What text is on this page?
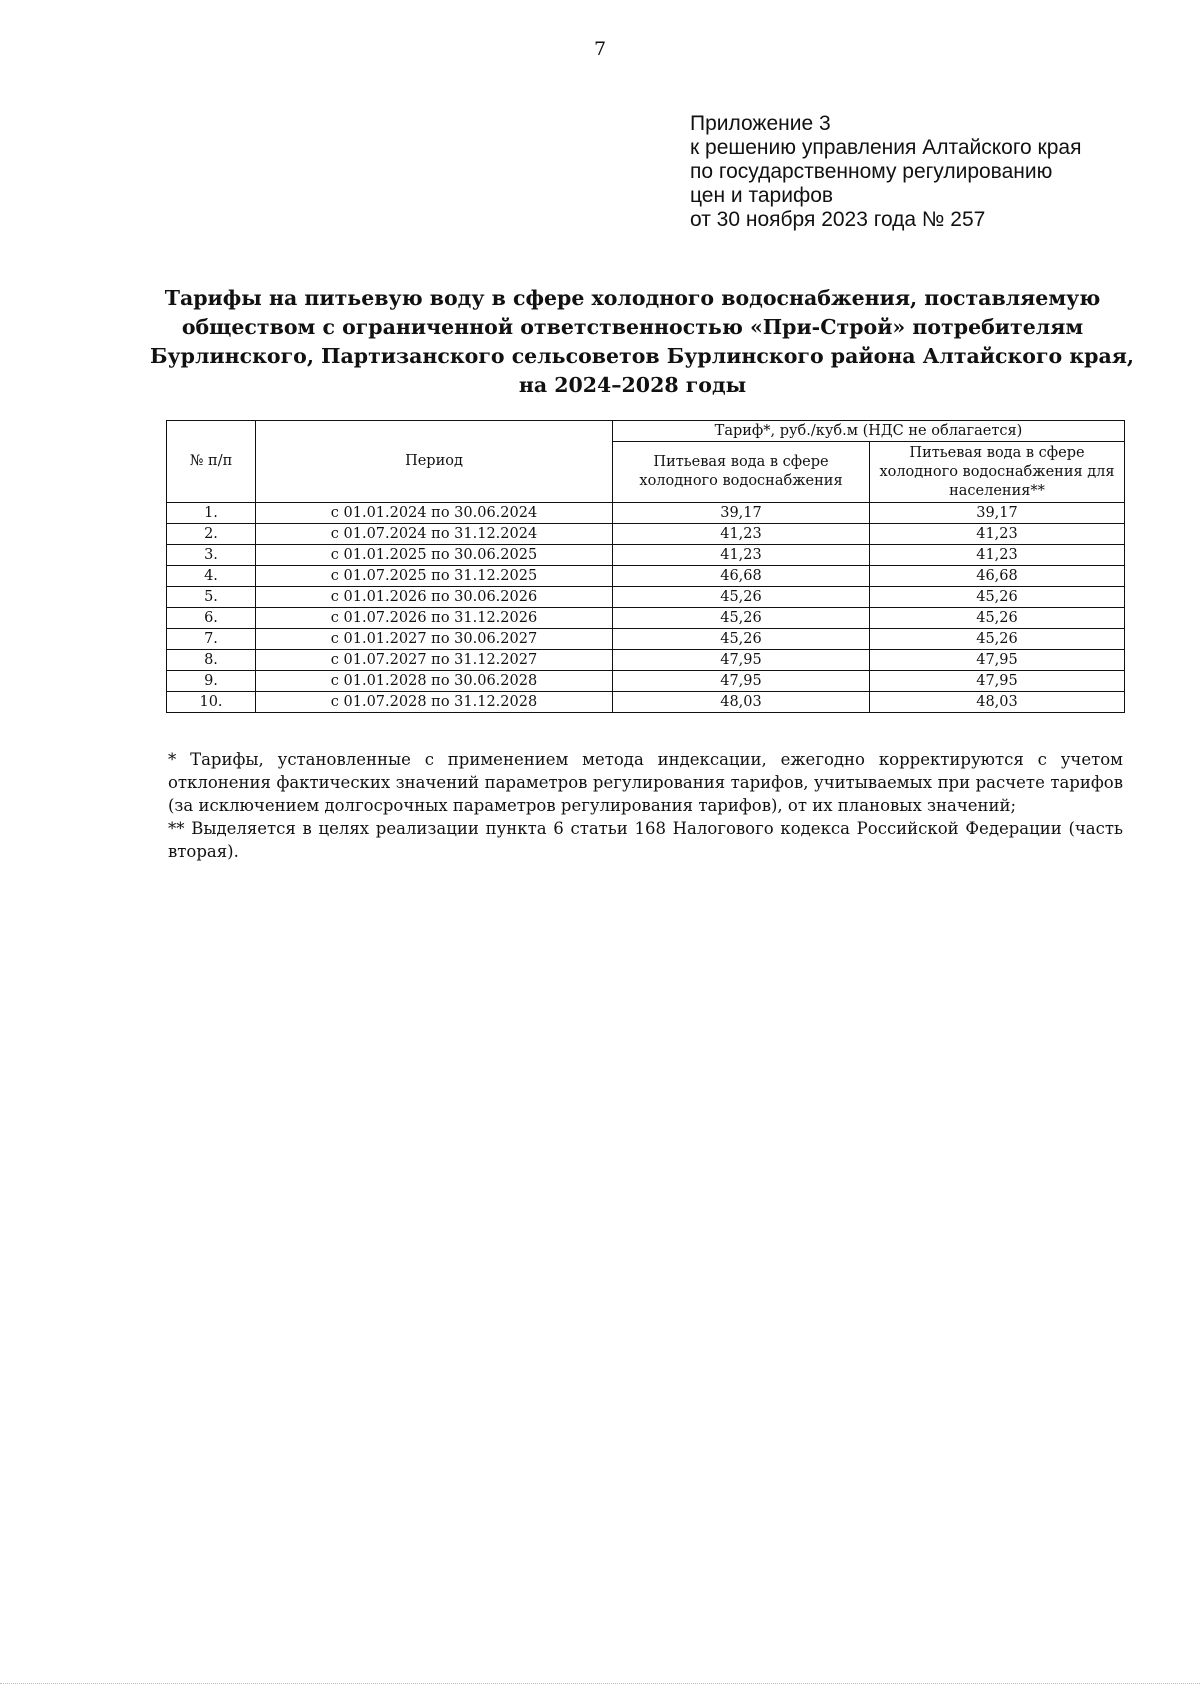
7
Приложение 3
к решению управления Алтайского края
по государственному регулированию
цен и тарифов
от 30 ноября 2023 года № 257
Тарифы на питьевую воду в сфере холодного водоснабжения, поставляемую
обществом с ограниченной ответственностью «При-Строй» потребителям
Бурлинского, Партизанского сельсоветов Бурлинского района Алтайского края,
на 2024–2028 годы
№ п/п	Период	Тариф*, руб./куб.м (НДС не облагается)	
		Питьевая вода в сфере холодного водоснабжения	Питьевая вода в сфере холодного водоснабжения для населения**
1.	с 01.01.2024 по 30.06.2024	39,17	39,17
2.	с 01.07.2024 по 31.12.2024	41,23	41,23
3.	с 01.01.2025 по 30.06.2025	41,23	41,23
4.	с 01.07.2025 по 31.12.2025	46,68	46,68
5.	с 01.01.2026 по 30.06.2026	45,26	45,26
6.	с 01.07.2026 по 31.12.2026	45,26	45,26
7.	с 01.01.2027 по 30.06.2027	45,26	45,26
8.	с 01.07.2027 по 31.12.2027	47,95	47,95
9.	с 01.01.2028 по 30.06.2028	47,95	47,95
10.	с 01.07.2028 по 31.12.2028	48,03	48,03

* Тарифы, установленные с применением метода индексации, ежегодно корректируются с учетом отклонения фактических значений параметров регулирования тарифов, учитываемых при расчете тарифов (за исключением долгосрочных параметров регулирования тарифов), от их плановых значений;

** Выделяется в целях реализации пункта 6 статьи 168 Налогового кодекса Российской Федерации (часть вторая).
